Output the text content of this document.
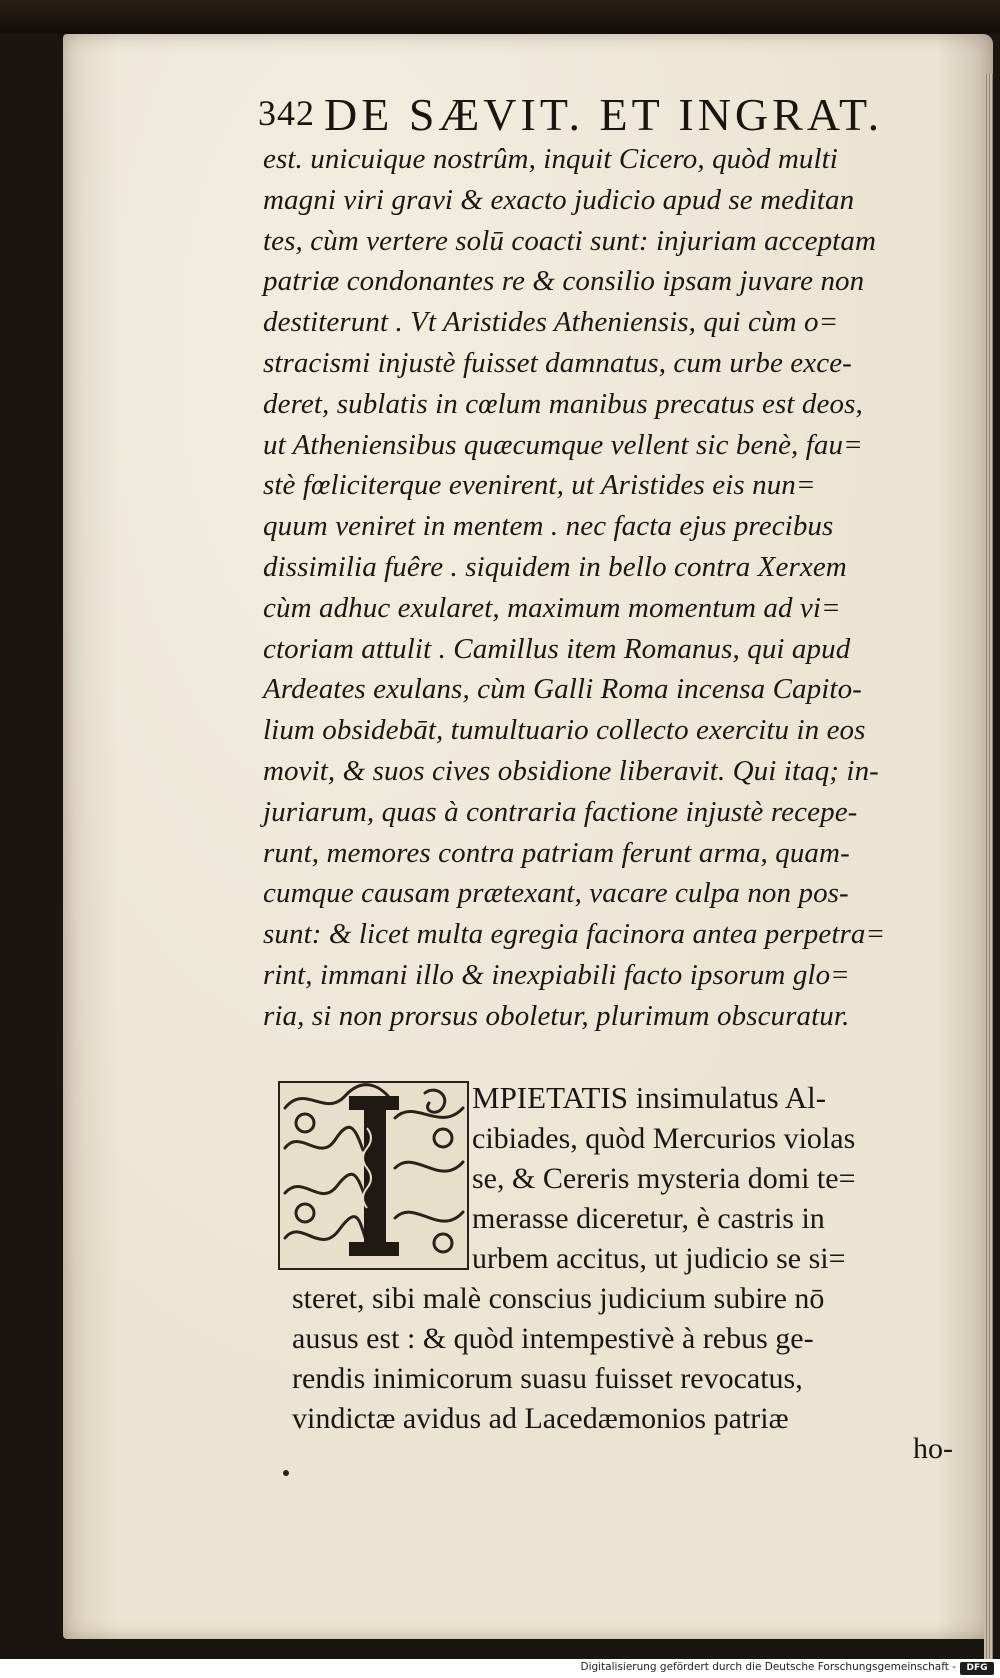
342 DE SÆVIT. ET INGRAT.
est. unicuique nostrûm, inquit Cicero, quòd multi
magni viri gravi & exacto judicio apud se meditan
tes, cùm vertere solū coacti sunt: injuriam acceptam
patriæ condonantes re & consilio ipsam juvare non
destiterunt . Vt Aristides Atheniensis, qui cùm o=
stracismi injustè fuisset damnatus, cum urbe exce-
deret, sublatis in cœlum manibus precatus est deos,
ut Atheniensibus quæcumque vellent sic benè, fau=
stè fœliciterque evenirent, ut Aristides eis nun=
quum veniret in mentem . nec facta ejus precibus
dissimilia fuêre . siquidem in bello contra Xerxem
cùm adhuc exularet, maximum momentum ad vi=
ctoriam attulit . Camillus item Romanus, qui apud
Ardeates exulans, cùm Galli Roma incensa Capito-
lium obsidebāt, tumultuario collecto exercitu in eos
movit, & suos cives obsidione liberavit. Qui itaq; in-
juriarum, quas à contraria factione injustè recepe-
runt, memores contra patriam ferunt arma, quam-
cumque causam prætexant, vacare culpa non pos-
sunt: & licet multa egregia facinora antea perpetra=
rint, immani illo & inexpiabili facto ipsorum glo=
ria, si non prorsus oboletur, plurimum obscuratur.
MPIETATIS insimulatus Al-
cibiades, quòd Mercurios violas
se, & Cereris mysteria domi te=
merasse diceretur, è castris in
urbem accitus, ut judicio se si=
steret, sibi malè conscius judicium subire nō
ausus est : & quòd intempestivè à rebus ge-
rendis inimicorum suasu fuisset revocatus,
vindictæ avidus ad Lacedæmonios patriæ
ho-
Digitalisierung gefördert durch die Deutsche Forschungsgemeinschaft -	DFG
